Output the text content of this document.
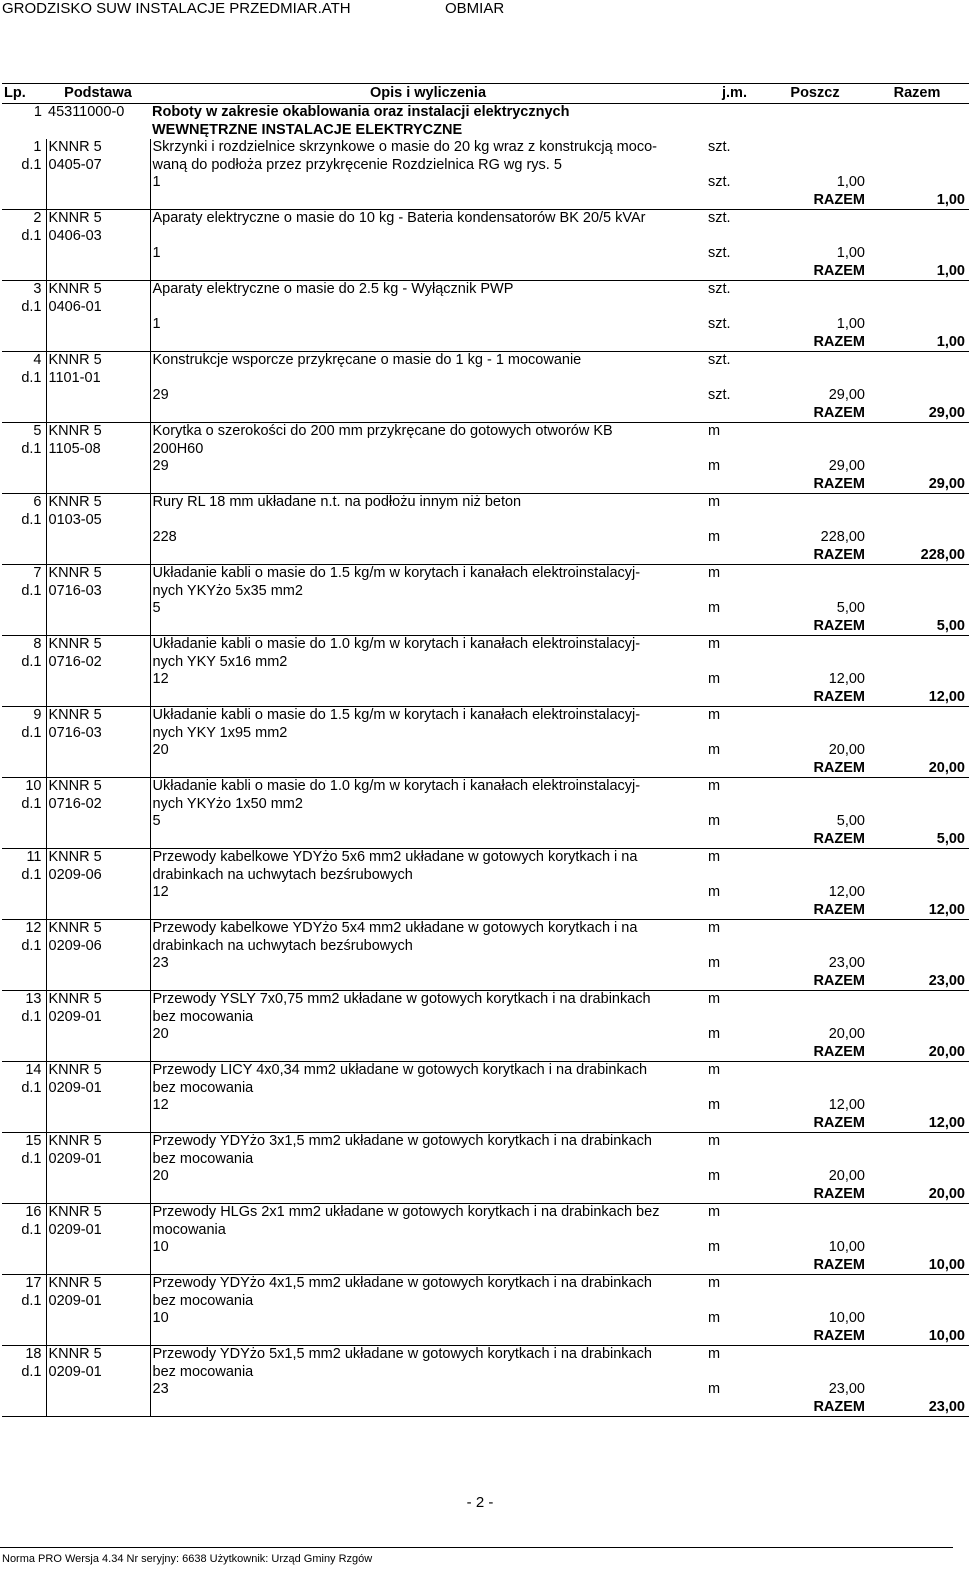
GRODZISKO SUW INSTALACJE PRZEDMIAR.ATH	OBMIAR
Lp.	Podstawa	Opis i wyliczenia	j.m.	Poszcz	Razem
1	45311000-0	Roboty w zakresie okablowania oraz instalacji elektrycznych			
		WEWNĘTRZNE INSTALACJE ELEKTRYCZNE			
1	KNNR 5	Skrzynki i rozdzielnice skrzynkowe o masie do 20 kg wraz z konstrukcją moco-	szt.		
d.1	0405-07	waną do podłoża przez przykręcenie Rozdzielnica RG wg rys. 5			
		1	szt.	1,00	
				RAZEM	1,00
2	KNNR 5	Aparaty elektryczne o masie do 10 kg - Bateria kondensatorów BK 20/5 kVAr	szt.		
d.1	0406-03				
		1	szt.	1,00	
				RAZEM	1,00
3	KNNR 5	Aparaty elektryczne o masie do 2.5 kg - Wyłącznik PWP	szt.		
d.1	0406-01				
		1	szt.	1,00	
				RAZEM	1,00
4	KNNR 5	Konstrukcje wsporcze przykręcane o masie do 1 kg - 1 mocowanie	szt.		
d.1	1101-01				
		29	szt.	29,00	
				RAZEM	29,00
5	KNNR 5	Korytka o szerokości do 200 mm przykręcane do gotowych otworów KB	m		
d.1	1105-08	200H60			
		29	m	29,00	
				RAZEM	29,00
6	KNNR 5	Rury RL 18 mm układane n.t. na podłożu innym niż beton	m		
d.1	0103-05				
		228	m	228,00	
				RAZEM	228,00
7	KNNR 5	Układanie kabli o masie do 1.5 kg/m w korytach i kanałach elektroinstalacyj-	m		
d.1	0716-03	nych YKYżo 5x35 mm2			
		5	m	5,00	
				RAZEM	5,00
8	KNNR 5	Układanie kabli o masie do 1.0 kg/m w korytach i kanałach elektroinstalacyj-	m		
d.1	0716-02	nych YKY 5x16 mm2			
		12	m	12,00	
				RAZEM	12,00
9	KNNR 5	Układanie kabli o masie do 1.5 kg/m w korytach i kanałach elektroinstalacyj-	m		
d.1	0716-03	nych YKY 1x95 mm2			
		20	m	20,00	
				RAZEM	20,00
10	KNNR 5	Układanie kabli o masie do 1.0 kg/m w korytach i kanałach elektroinstalacyj-	m		
d.1	0716-02	nych YKYżo 1x50 mm2			
		5	m	5,00	
				RAZEM	5,00
11	KNNR 5	Przewody kabelkowe YDYżo 5x6 mm2 układane w gotowych korytkach i na	m		
d.1	0209-06	drabinkach na uchwytach bezśrubowych			
		12	m	12,00	
				RAZEM	12,00
12	KNNR 5	Przewody kabelkowe YDYżo 5x4 mm2 układane w gotowych korytkach i na	m		
d.1	0209-06	drabinkach na uchwytach bezśrubowych			
		23	m	23,00	
				RAZEM	23,00
13	KNNR 5	Przewody YSLY 7x0,75 mm2 układane w gotowych korytkach i na drabinkach	m		
d.1	0209-01	bez mocowania			
		20	m	20,00	
				RAZEM	20,00
14	KNNR 5	Przewody LICY 4x0,34 mm2 układane w gotowych korytkach i na drabinkach	m		
d.1	0209-01	bez mocowania			
		12	m	12,00	
				RAZEM	12,00
15	KNNR 5	Przewody YDYżo 3x1,5 mm2 układane w gotowych korytkach i na drabinkach	m		
d.1	0209-01	bez mocowania			
		20	m	20,00	
				RAZEM	20,00
16	KNNR 5	Przewody HLGs 2x1 mm2 układane w gotowych korytkach i na drabinkach bez	m		
d.1	0209-01	mocowania			
		10	m	10,00	
				RAZEM	10,00
17	KNNR 5	Przewody YDYżo 4x1,5 mm2 układane w gotowych korytkach i na drabinkach	m		
d.1	0209-01	bez mocowania			
		10	m	10,00	
				RAZEM	10,00
18	KNNR 5	Przewody YDYżo 5x1,5 mm2 układane w gotowych korytkach i na drabinkach	m		
d.1	0209-01	bez mocowania			
		23	m	23,00	
				RAZEM	23,00
- 2 -
Norma PRO Wersja 4.34 Nr seryjny: 6638 Użytkownik: Urząd Gminy Rzgów
